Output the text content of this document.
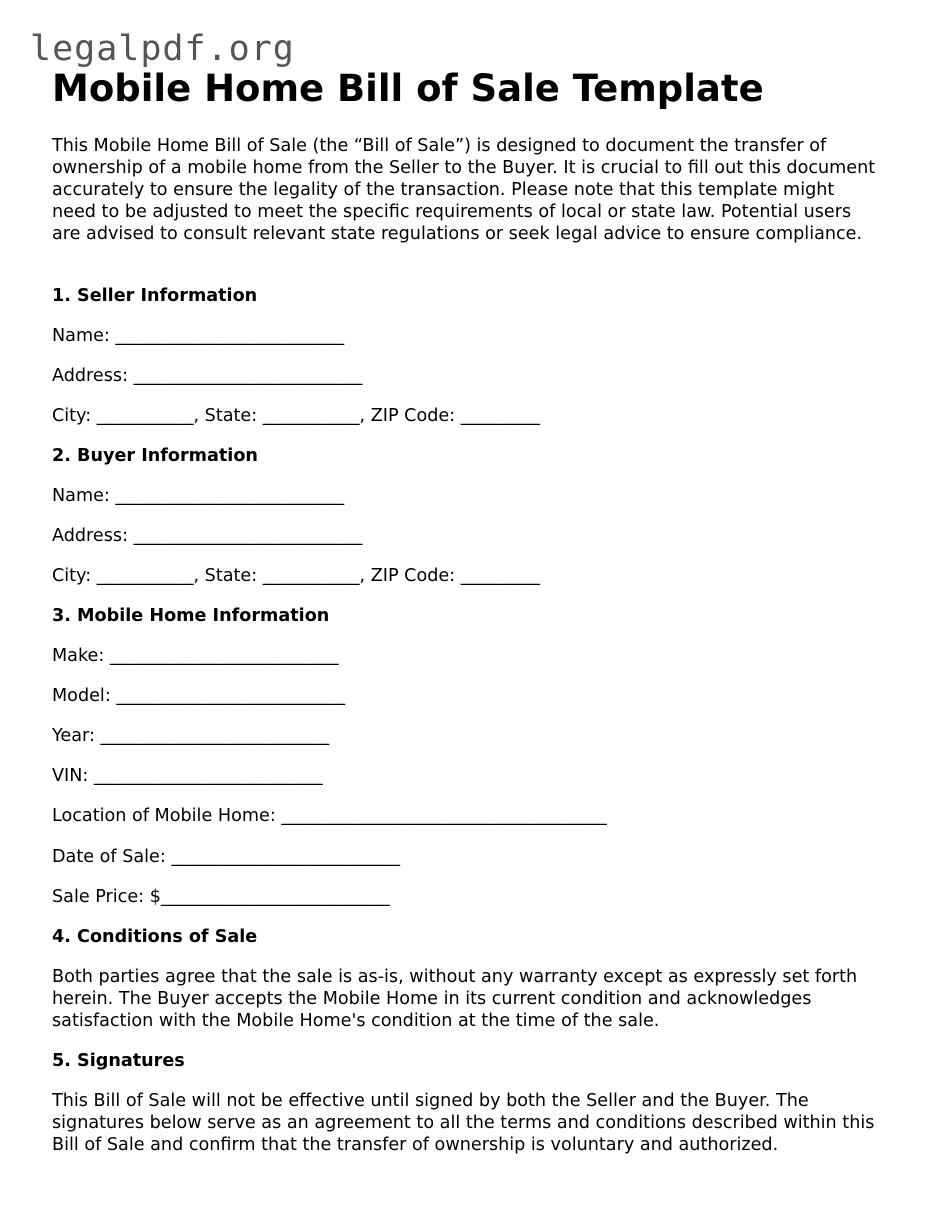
legalpdf.org
Mobile Home Bill of Sale Template

This Mobile Home Bill of Sale (the “Bill of Sale”) is designed to document the transfer of ownership of a mobile home from the Seller to the Buyer. It is crucial to fill out this document accurately to ensure the legality of the transaction. Please note that this template might need to be adjusted to meet the specific requirements of local or state law. Potential users are advised to consult relevant state regulations or seek legal advice to ensure compliance.

1. Seller Information

Name: __________________________

Address: __________________________

City: ___________, State: ___________, ZIP Code: _________

2. Buyer Information

Name: __________________________

Address: __________________________

City: ___________, State: ___________, ZIP Code: _________

3. Mobile Home Information

Make: __________________________

Model: __________________________

Year: __________________________

VIN: __________________________

Location of Mobile Home: _____________________________________

Date of Sale: __________________________

Sale Price: $__________________________

4. Conditions of Sale

Both parties agree that the sale is as-is, without any warranty except as expressly set forth herein. The Buyer accepts the Mobile Home in its current condition and acknowledges satisfaction with the Mobile Home's condition at the time of the sale.

5. Signatures

This Bill of Sale will not be effective until signed by both the Seller and the Buyer. The signatures below serve as an agreement to all the terms and conditions described within this Bill of Sale and confirm that the transfer of ownership is voluntary and authorized.
